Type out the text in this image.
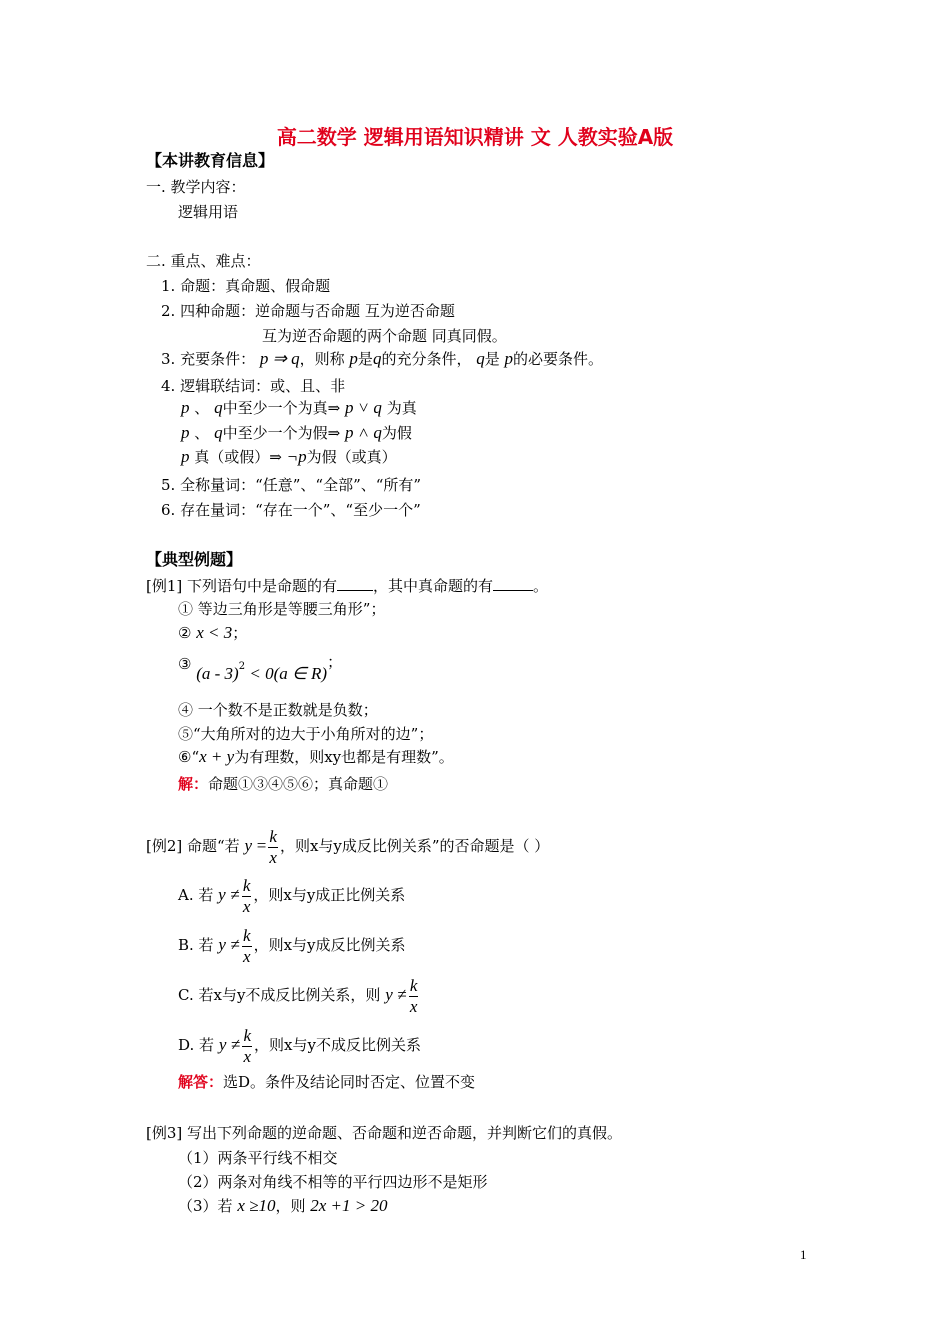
高二数学 逻辑用语知识精讲 文 人教实验A版
【本讲教育信息】
一. 教学内容：
逻辑用语
二. 重点、难点：
1. 命题：真命题、假命题
2. 四种命题：逆命题与否命题 互为逆否命题
互为逆否命题的两个命题 同真同假。
3. 充要条件： p ⇒ q，则称 p是q的充分条件， q是 p的必要条件。
4. 逻辑联结词：或、且、非
p 、 q中至少一个为真⇒ p ˅ q 为真
p 、 q中至少一个为假⇒ p ˄ q为假
p 真（或假）⇒ ¬p为假（或真）
5. 全称量词：“任意”、“全部”、“所有”
6. 存在量词：“存在一个”、“至少一个”
【典型例题】
[例1] 下列语句中是命题的有 ，其中真命题的有	。
① 等边三角形是等腰三角形”；
② x < 3；
③ (a - 3)$^2$ < 0(a ∈ R)；
④ 一个数不是正数就是负数；
⑤“大角所对的边大于小角所对的边”；
⑥“x + y为有理数，则xy也都是有理数”。
解：命题①③④⑤⑥；真命题①
[例2] 命题“若 $y = \frac{k}{x}$ ，则x与y成反比例关系”的否命题是（ ）
A. 若 $y \ne \frac{k}{x}$ ，则x与y成正比例关系
B. 若 $y \ne \frac{k}{x}$ ，则x与y成反比例关系
C. 若x与y不成反比例关系，则 $y \ne \frac{k}{x}$
D. 若 $y \ne \frac{k}{x}$ ，则x与y不成反比例关系
解答：选D。条件及结论同时否定、位置不变
[例3] 写出下列命题的逆命题、否命题和逆否命题，并判断它们的真假。
（1）两条平行线不相交
（2）两条对角线不相等的平行四边形不是矩形
（3）若 x ≥10，则 2x +1 > 20
1
